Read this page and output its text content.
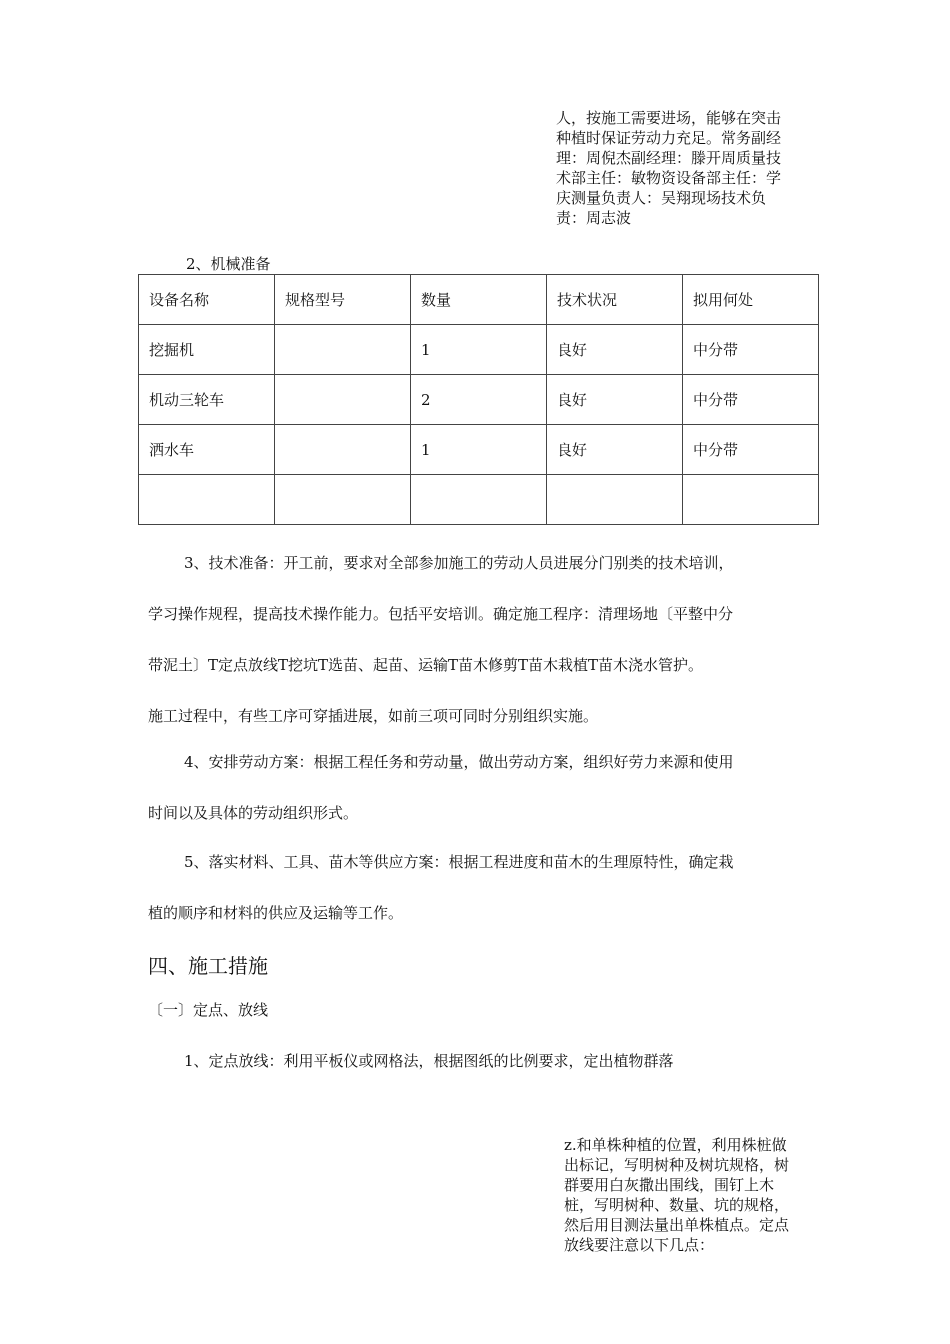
人，按施工需要进场，能够在突击
种植时保证劳动力充足。常务副经
理：周倪杰副经理：滕开周质量技
术部主任：敏物资设备部主任：学
庆测量负责人：吴翔现场技术负
责：周志波
2、机械准备
设备名称	规格型号	数量	技术状况	拟用何处
挖掘机		1	良好	中分带
机动三轮车		2	良好	中分带
洒水车		1	良好	中分带

3、技术准备：开工前，要求对全部参加施工的劳动人员进展分门别类的技术培训，
学习操作规程，提高技术操作能力。包括平安培训。确定施工程序：清理场地〔平整中分
带泥土〕T定点放线T挖坑T选苗、起苗、运输T苗木修剪T苗木栽植T苗木浇水管护。
施工过程中，有些工序可穿插进展，如前三项可同时分别组织实施。
4、安排劳动方案：根据工程任务和劳动量，做出劳动方案，组织好劳力来源和使用
时间以及具体的劳动组织形式。
5、落实材料、工具、苗木等供应方案：根据工程进度和苗木的生理原特性，确定栽
植的顺序和材料的供应及运输等工作。
四、施工措施
〔一〕定点、放线
1、定点放线：利用平板仪或网格法，根据图纸的比例要求，定出植物群落
z.和单株种植的位置，利用株桩做
出标记，写明树种及树坑规格，树
群要用白灰撒出围线，围钉上木
桩，写明树种、数量、坑的规格，
然后用目测法量出单株植点。定点
放线要注意以下几点：
